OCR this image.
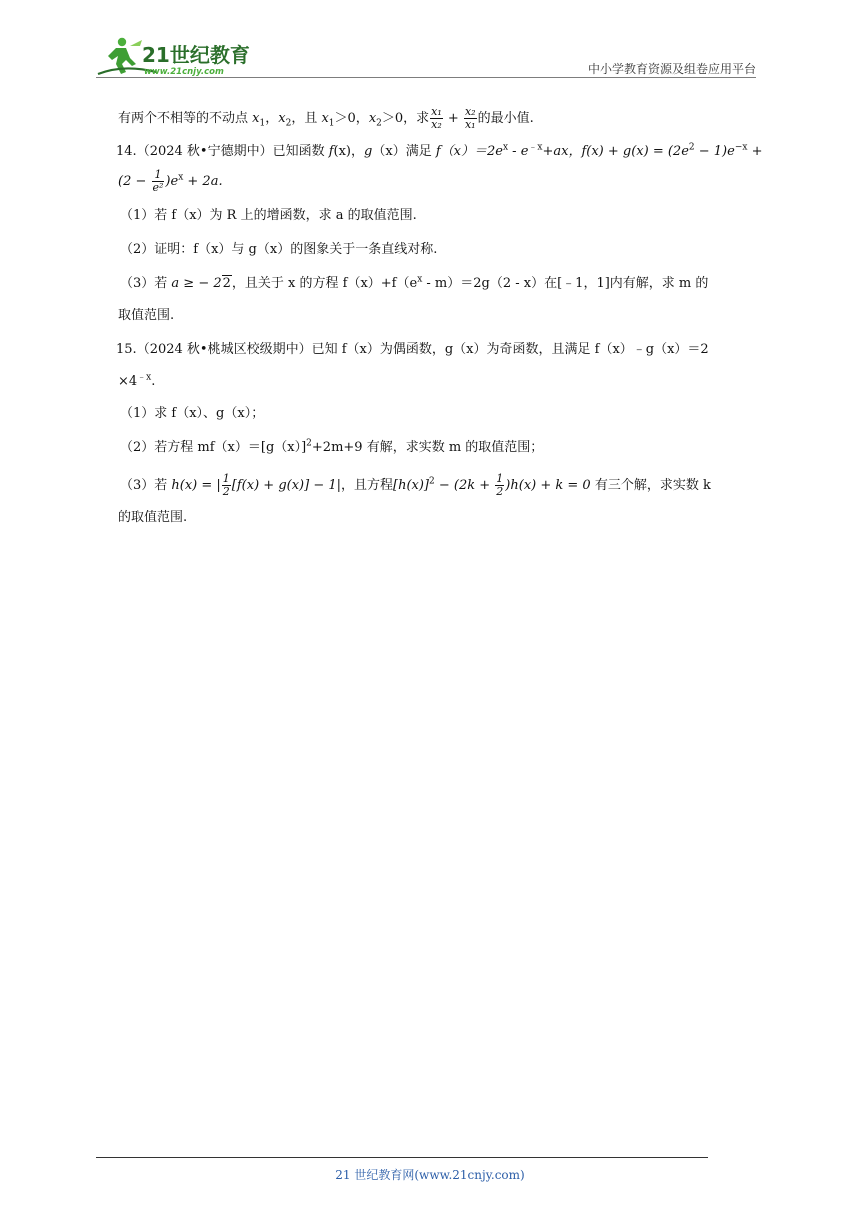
21世纪教育
www.21cnjy.com	中小学教育资源及组卷应用平台

有两个不相等的不动点 $x_1$，$x_2$，且 $x_1>0$，$x_2>0$，求 $\frac{\text{x₁}}{\text{x₂}} + \frac{\text{x₂}}{\text{x₁}}$ 的最小值.

14.（2024 秋•宁德期中）已知函数 f(x)，g（x）满足 $f(x)=2e^x - e^{﹣x}+ax$，$f(x) + g(x) = (2e^2 - 1)e^{-x}$ +

$(2 - \frac{1}{\text{e²}} )e^x + 2a$.

（1）若 f（x）为 R 上的增函数，求 a 的取值范围.

（2）证明：f（x）与 g（x）的图象关于一条直线对称.

（3）若 a ≥ − 22，且关于 x 的方程 $f(x)+f(e^x - m)=2g(2 - x)$在[﹣1，1]内有解，求 m 的

取值范围.

15.（2024 秋•桃城区校级期中）已知 f（x）为偶函数，g（x）为奇函数，且满足 f（x）﹣g（x）＝2

$\times 4^{﹣x}$.

（1）求 f（x）、g（x）；

（2）若方程 $mf(x)=[g(x)]^2+2m+9$ 有解，求实数 m 的取值范围；

（3）若 h(x) = | $\frac{1}{2} [f(x) + g(x)] - 1|$，且方程$[h(x)]^2 - (2k + \frac{1}{2} )h(x) + k = 0$ 有三个解，求实数 k

的取值范围.

21 世纪教育网(www.21cnjy.com)
